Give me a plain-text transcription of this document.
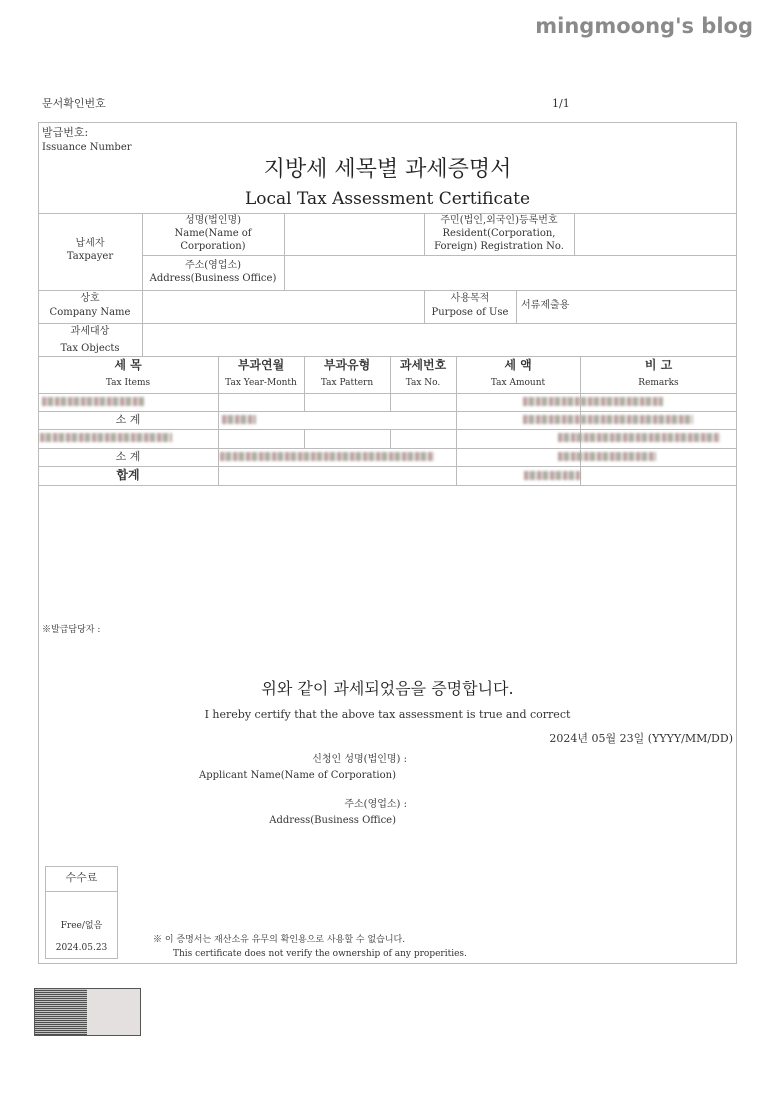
mingmoong's blog
문서확인번호	1/1
발급번호:
Issuance Number
지방세 세목별 과세증명서
Local Tax Assessment Certificate
납세자
Taxpayer
성명(법인명)
Name(Name of
Corporation)
주민(법인,외국인)등록번호
Resident(Corporation,
Foreign) Registration No.
주소(영업소)
Address(Business Office)
상호
Company Name
사용목적
Purpose of Use
서류제출용
과세대상
Tax Objects
세 목
Tax Items
부과연월
Tax Year-Month
부과유형
Tax Pattern
과세번호
Tax No.
세 액
Tax Amount
비 고
Remarks
소 계
소 계
합계
※발급담당자 :
위와 같이 과세되었음을 증명합니다.
I hereby certify that the above tax assessment is true and correct
2024년 05월 23일 (YYYY/MM/DD)
신청인 성명(법인명) :
Applicant Name(Name of Corporation)
주소(영업소) :
Address(Business Office)
수수료
Free/없음
2024.05.23
※ 이 증명서는 재산소유 유무의 확인용으로 사용할 수 없습니다.
This certificate does not verify the ownership of any properities.
